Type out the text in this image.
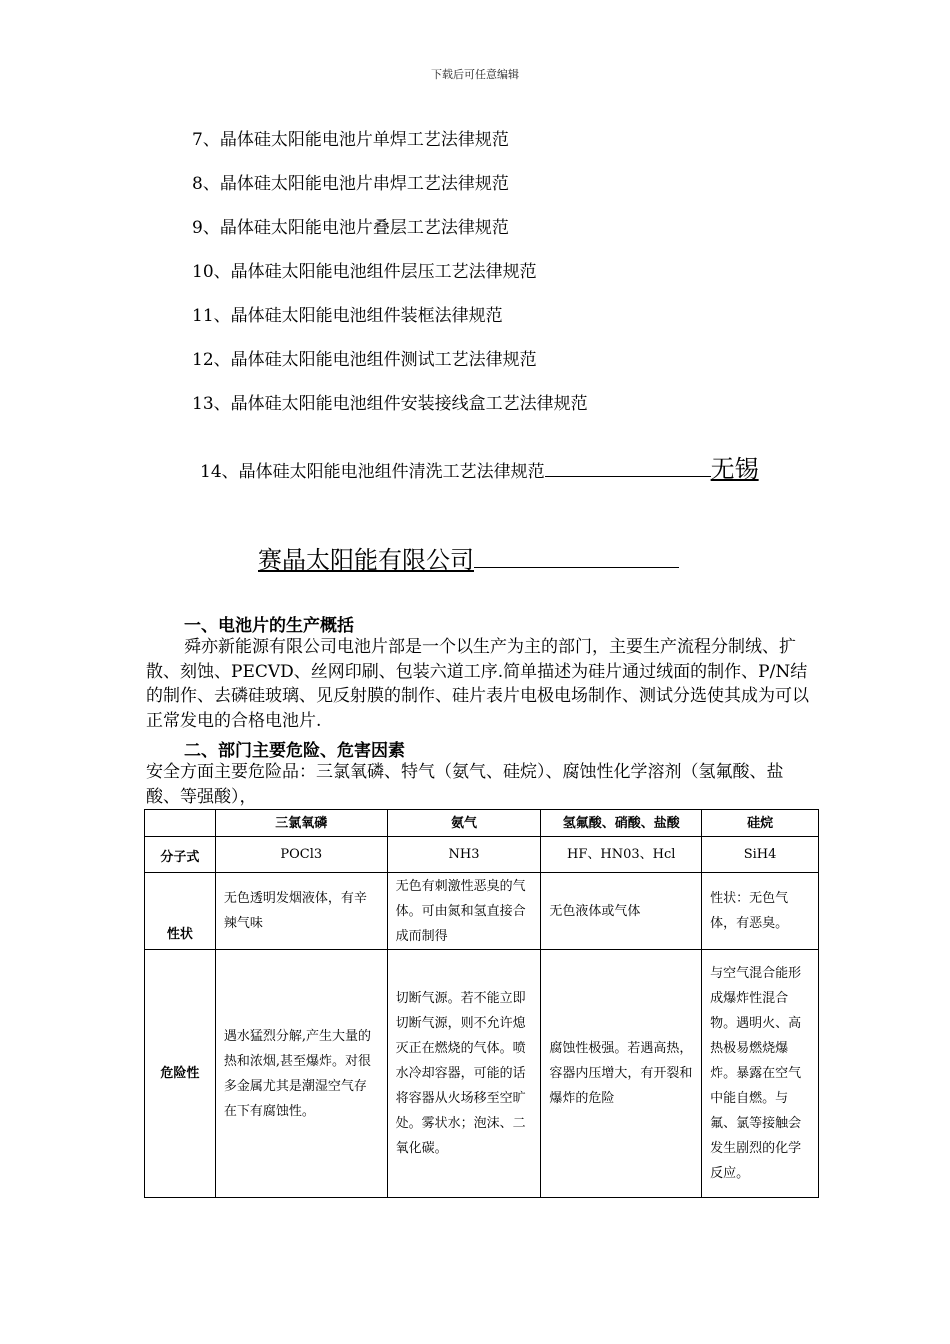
下载后可任意编辑
7、晶体硅太阳能电池片单焊工艺法律规范
8、晶体硅太阳能电池片串焊工艺法律规范
9、晶体硅太阳能电池片叠层工艺法律规范
10、晶体硅太阳能电池组件层压工艺法律规范
11、晶体硅太阳能电池组件装框法律规范
12、晶体硅太阳能电池组件测试工艺法律规范
13、晶体硅太阳能电池组件安装接线盒工艺法律规范
14、晶体硅太阳能电池组件清洗工艺法律规范	无锡
赛晶太阳能有限公司
一、电池片的生产概括
舜亦新能源有限公司电池片部是一个以生产为主的部门，主要生产流程分制绒、扩散、刻蚀、PECVD、丝网印刷、包装六道工序.简单描述为硅片通过绒面的制作、P/N结的制作、去磷硅玻璃、见反射膜的制作、硅片表片电极电场制作、测试分选使其成为可以正常发电的合格电池片.
二、部门主要危险、危害因素
安全方面主要危险品：三氯氧磷、特气（氨气、硅烷）、腐蚀性化学溶剂（氢氟酸、盐酸、等强酸），
	三氯氧磷	氨气	氢氟酸、硝酸、盐酸	硅烷
分子式	POCl3	NH3	HF、HN03、Hcl	SiH4
性状	无色透明发烟液体，有辛辣气味	无色有刺激性恶臭的气体。可由氮和氢直接合成而制得	无色液体或气体	性状：无色气体，有恶臭。
危险性	遇水猛烈分解,产生大量的热和浓烟,甚至爆炸。对很多金属尤其是潮湿空气存在下有腐蚀性。	切断气源。若不能立即切断气源，则不允许熄灭正在燃烧的气体。喷水冷却容器，可能的话将容器从火场移至空旷处。雾状水；泡沫、二氧化碳。	腐蚀性极强。若遇高热，容器内压增大，有开裂和爆炸的危险	与空气混合能形成爆炸性混合物。遇明火、高热极易燃烧爆炸。暴露在空气中能自燃。与氟、氯等接触会发生剧烈的化学反应。
